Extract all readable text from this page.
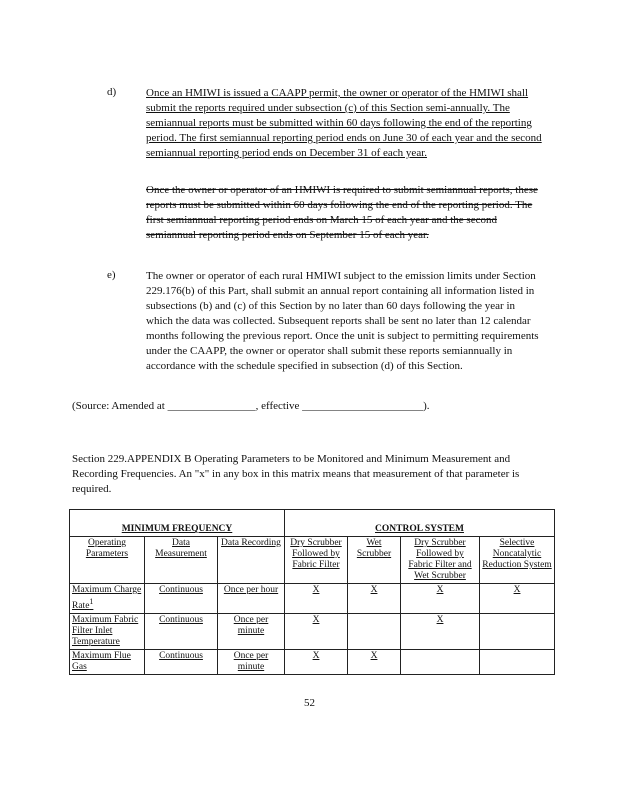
d)	Once an HMIWI is issued a CAAPP permit, the owner or operator of the HMIWI shall submit the reports required under subsection (c) of this Section semi-annually. The semiannual reports must be submitted within 60 days following the end of the reporting period. The first semiannual reporting period ends on June 30 of each year and the second semiannual reporting period ends on December 31 of each year.
Once the owner or operator of an HMIWI is required to submit semiannual reports, these reports must be submitted within 60 days following the end of the reporting period. The first semiannual reporting period ends on March 15 of each year and the second semiannual reporting period ends on September 15 of each year.
e)	The owner or operator of each rural HMIWI subject to the emission limits under Section 229.176(b) of this Part, shall submit an annual report containing all information listed in subsections (b) and (c) of this Section by no later than 60 days following the year in which the data was collected. Subsequent reports shall be sent no later than 12 calendar months following the previous report. Once the unit is subject to permitting requirements under the CAAPP, the owner or operator shall submit these reports semiannually in accordance with the schedule specified in subsection (d) of this Section.
(Source: Amended at ________________, effective ______________________).
Section 229.APPENDIX B Operating Parameters to be Monitored and Minimum Measurement and Recording Frequencies. An "x" in any box in this matrix means that measurement of that parameter is required.
MINIMUM FREQUENCY			CONTROL SYSTEM			
Operating Parameters	Data Measurement	Data Recording	Dry Scrubber Followed by Fabric Filter	Wet Scrubber	Dry Scrubber Followed by Fabric Filter and Wet Scrubber	Selective Noncatalytic Reduction System
Maximum Charge Rate$^1$	Continuous	Once per hour	X	X	X	X
Maximum Fabric Filter Inlet Temperature	Continuous	Once per minute	X		X	
Maximum Flue Gas	Continuous	Once per minute	X	X		
52
